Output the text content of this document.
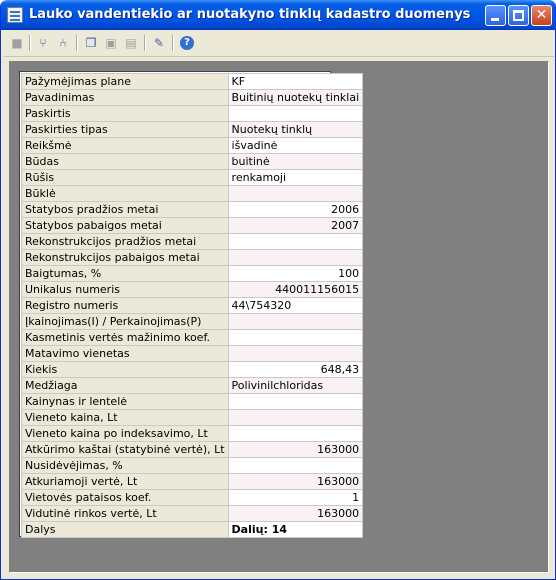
Lauko vandentiekio ar nuotakyno tinklų kadastro duomenys	✕
■	⑂	⑃	❐ ▣ ▤	✎	?
Pažymėjimas plane	KF
Pavadinimas	Buitinių nuotekų tinklai
Paskirtis	
Paskirties tipas	Nuotekų tinklų
Reikšmė	išvadinė
Būdas	buitinė
Rūšis	renkamoji
Būklė	
Statybos pradžios metai	2006
Statybos pabaigos metai	2007
Rekonstrukcijos pradžios metai	
Rekonstrukcijos pabaigos metai	
Baigtumas, %	100
Unikalus numeris	440011156015
Registro numeris	44\754320
Įkainojimas(I) / Perkainojimas(P)	
Kasmetinis vertės mažinimo koef.	
Matavimo vienetas	
Kiekis	648,43
Medžiaga	Polivinilchloridas
Kainynas ir lentelė	
Vieneto kaina, Lt	
Vieneto kaina po indeksavimo, Lt	
Atkūrimo kaštai (statybinė vertė), Lt	163000
Nusidėvėjimas, %	
Atkuriamoji vertė, Lt	163000
Vietovės pataisos koef.	1
Vidutinė rinkos vertė, Lt	163000
Dalys	Dalių: 14
